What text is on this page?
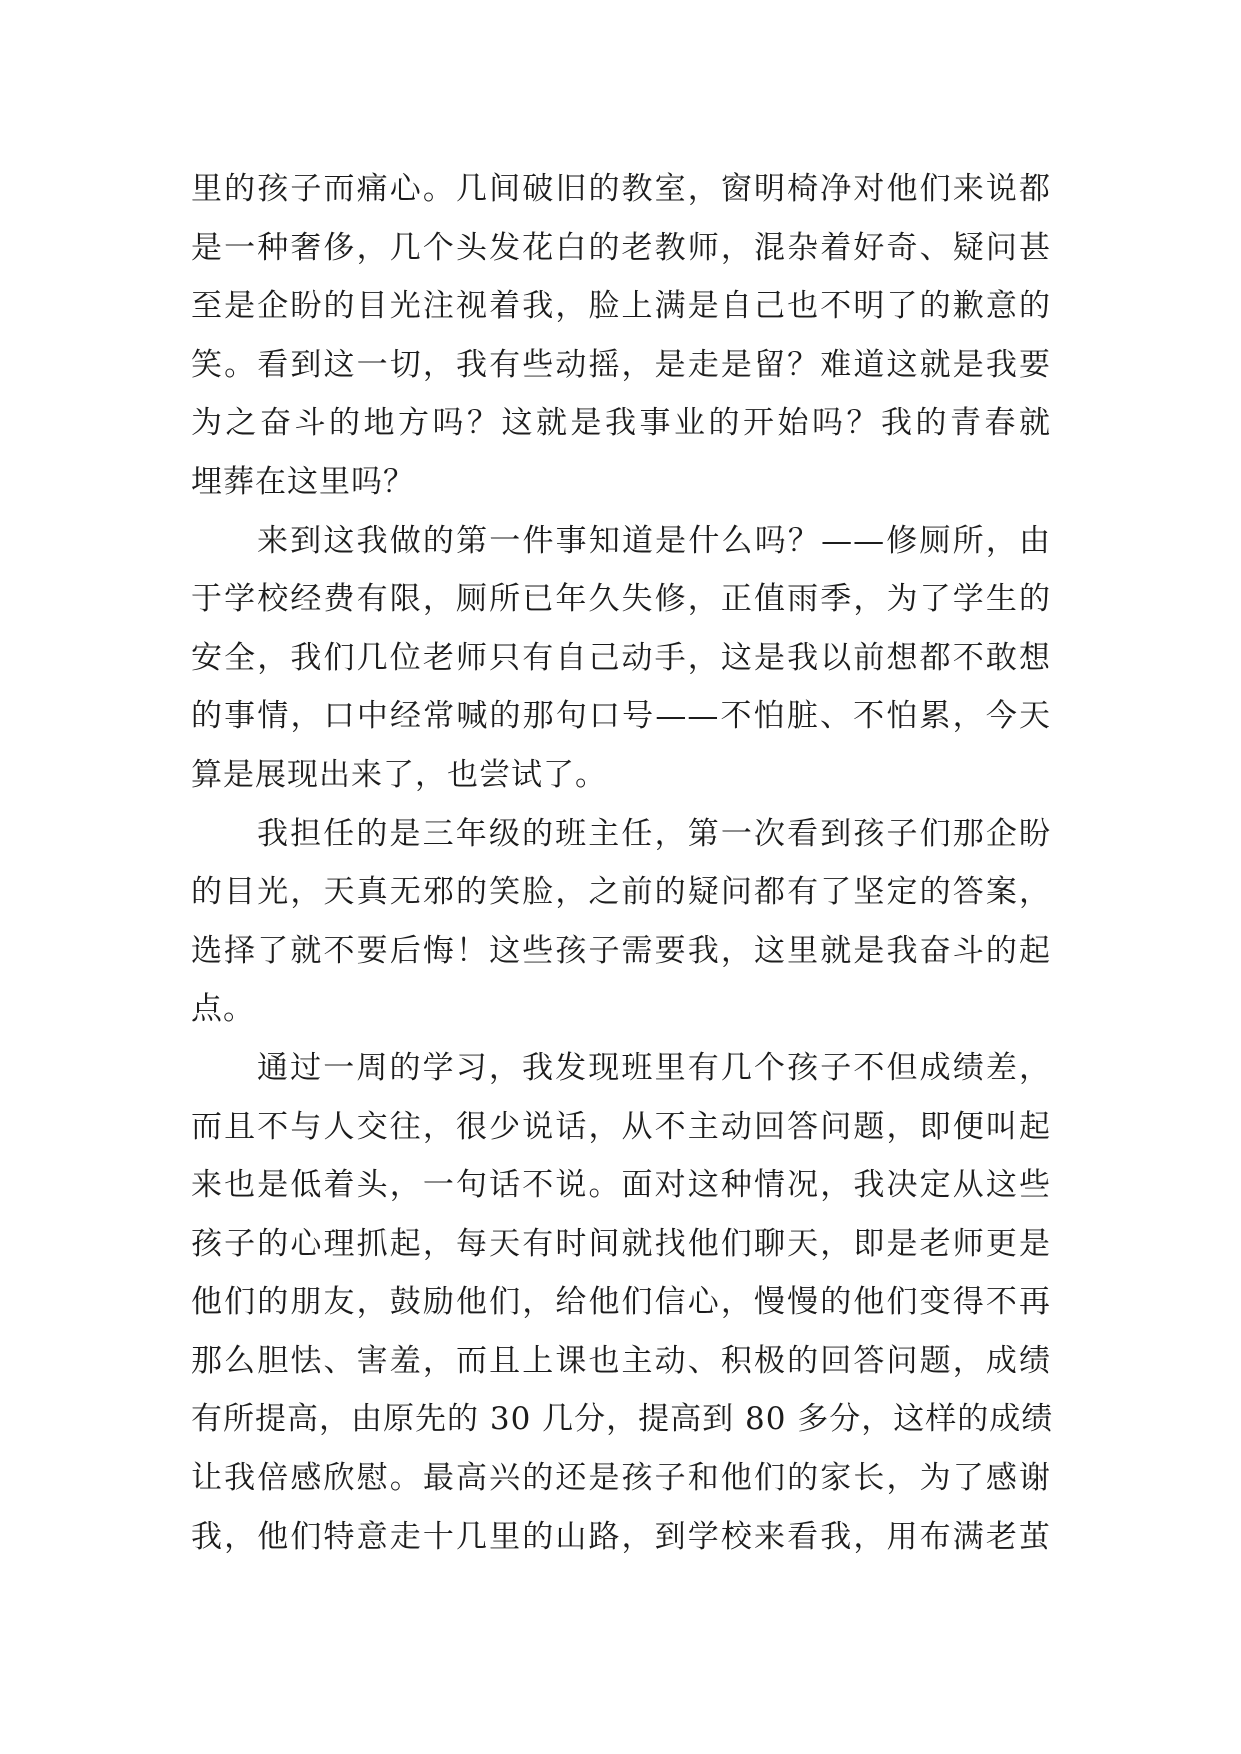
里的孩子而痛心。几间破旧的教室，窗明椅净对他们来说都
是一种奢侈，几个头发花白的老教师，混杂着好奇、疑问甚
至是企盼的目光注视着我，脸上满是自己也不明了的歉意的
笑。看到这一切，我有些动摇，是走是留？难道这就是我要
为之奋斗的地方吗？这就是我事业的开始吗？我的青春就
埋葬在这里吗？
来到这我做的第一件事知道是什么吗？——修厕所，由
于学校经费有限，厕所已年久失修，正值雨季，为了学生的
安全，我们几位老师只有自己动手，这是我以前想都不敢想
的事情，口中经常喊的那句口号——不怕脏、不怕累，今天
算是展现出来了，也尝试了。
我担任的是三年级的班主任，第一次看到孩子们那企盼
的目光，天真无邪的笑脸，之前的疑问都有了坚定的答案，
选择了就不要后悔！这些孩子需要我，这里就是我奋斗的起
点。
通过一周的学习，我发现班里有几个孩子不但成绩差，
而且不与人交往，很少说话，从不主动回答问题，即便叫起
来也是低着头，一句话不说。面对这种情况，我决定从这些
孩子的心理抓起，每天有时间就找他们聊天，即是老师更是
他们的朋友，鼓励他们，给他们信心，慢慢的他们变得不再
那么胆怯、害羞，而且上课也主动、积极的回答问题，成绩
有所提高，由原先的 30 几分，提高到 80 多分，这样的成绩
让我倍感欣慰。最高兴的还是孩子和他们的家长，为了感谢
我，他们特意走十几里的山路，到学校来看我，用布满老茧
